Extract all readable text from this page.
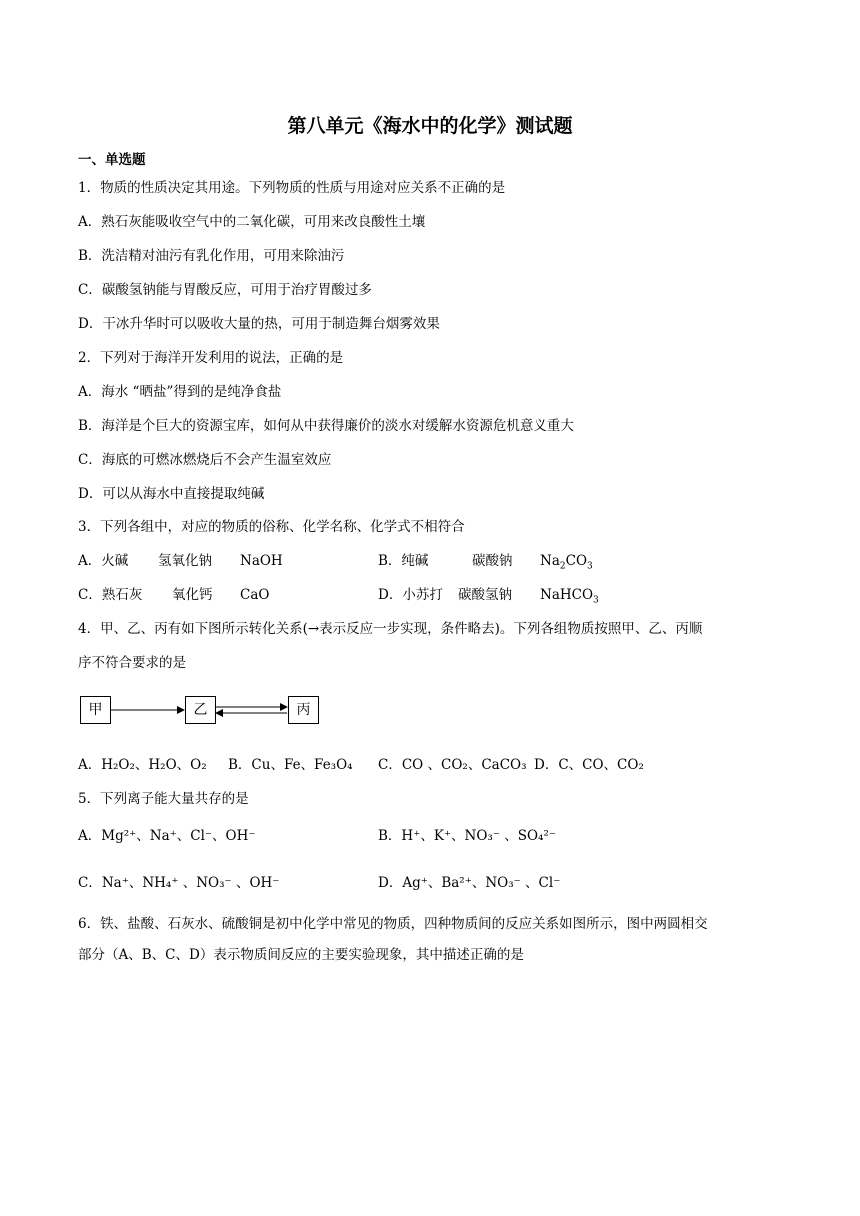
第八单元《海水中的化学》测试题
一、单选题
1．物质的性质决定其用途。下列物质的性质与用途对应关系不正确的是
A．熟石灰能吸收空气中的二氧化碳，可用来改良酸性土壤
B．洗洁精对油污有乳化作用，可用来除油污
C．碳酸氢钠能与胃酸反应，可用于治疗胃酸过多
D．干冰升华时可以吸收大量的热，可用于制造舞台烟雾效果
2．下列对于海洋开发利用的说法，正确的是
A．海水 “晒盐”得到的是纯净食盐
B．海洋是个巨大的资源宝库，如何从中获得廉价的淡水对缓解水资源危机意义重大
C．海底的可燃冰燃烧后不会产生温室效应
D．可以从海水中直接提取纯碱
3．下列各组中，对应的物质的俗称、化学名称、化学式不相符合
A．火碱 氢氧化钠 NaOH	B．纯碱	碳酸钠 $Na_2CO_3$
C．熟石灰 氧化钙 CaO	D．小苏打 碳酸氢钠 NaHCO$_3$
4．甲、乙、丙有如下图所示转化关系(→表示反应一步实现，条件略去)。下列各组物质按照甲、乙、丙顺
序不符合要求的是
甲	乙	丙
A．H₂O₂、H₂O、O₂ B．Cu、Fe、Fe₃O₄ C．CO 、CO₂、CaCO₃ D．C、CO、CO₂
5．下列离子能大量共存的是
A．Mg²⁺、Na⁺、Cl⁻、OH⁻	B．H⁺、K⁺、NO₃⁻ 、SO₄²⁻
C．Na⁺、NH₄⁺ 、NO₃⁻ 、OH⁻	D．Ag⁺、Ba²⁺、NO₃⁻ 、Cl⁻
6．铁、盐酸、石灰水、硫酸铜是初中化学中常见的物质，四种物质间的反应关系如图所示，图中两圆相交
部分（A、B、C、D）表示物质间反应的主要实验现象，其中描述正确的是
